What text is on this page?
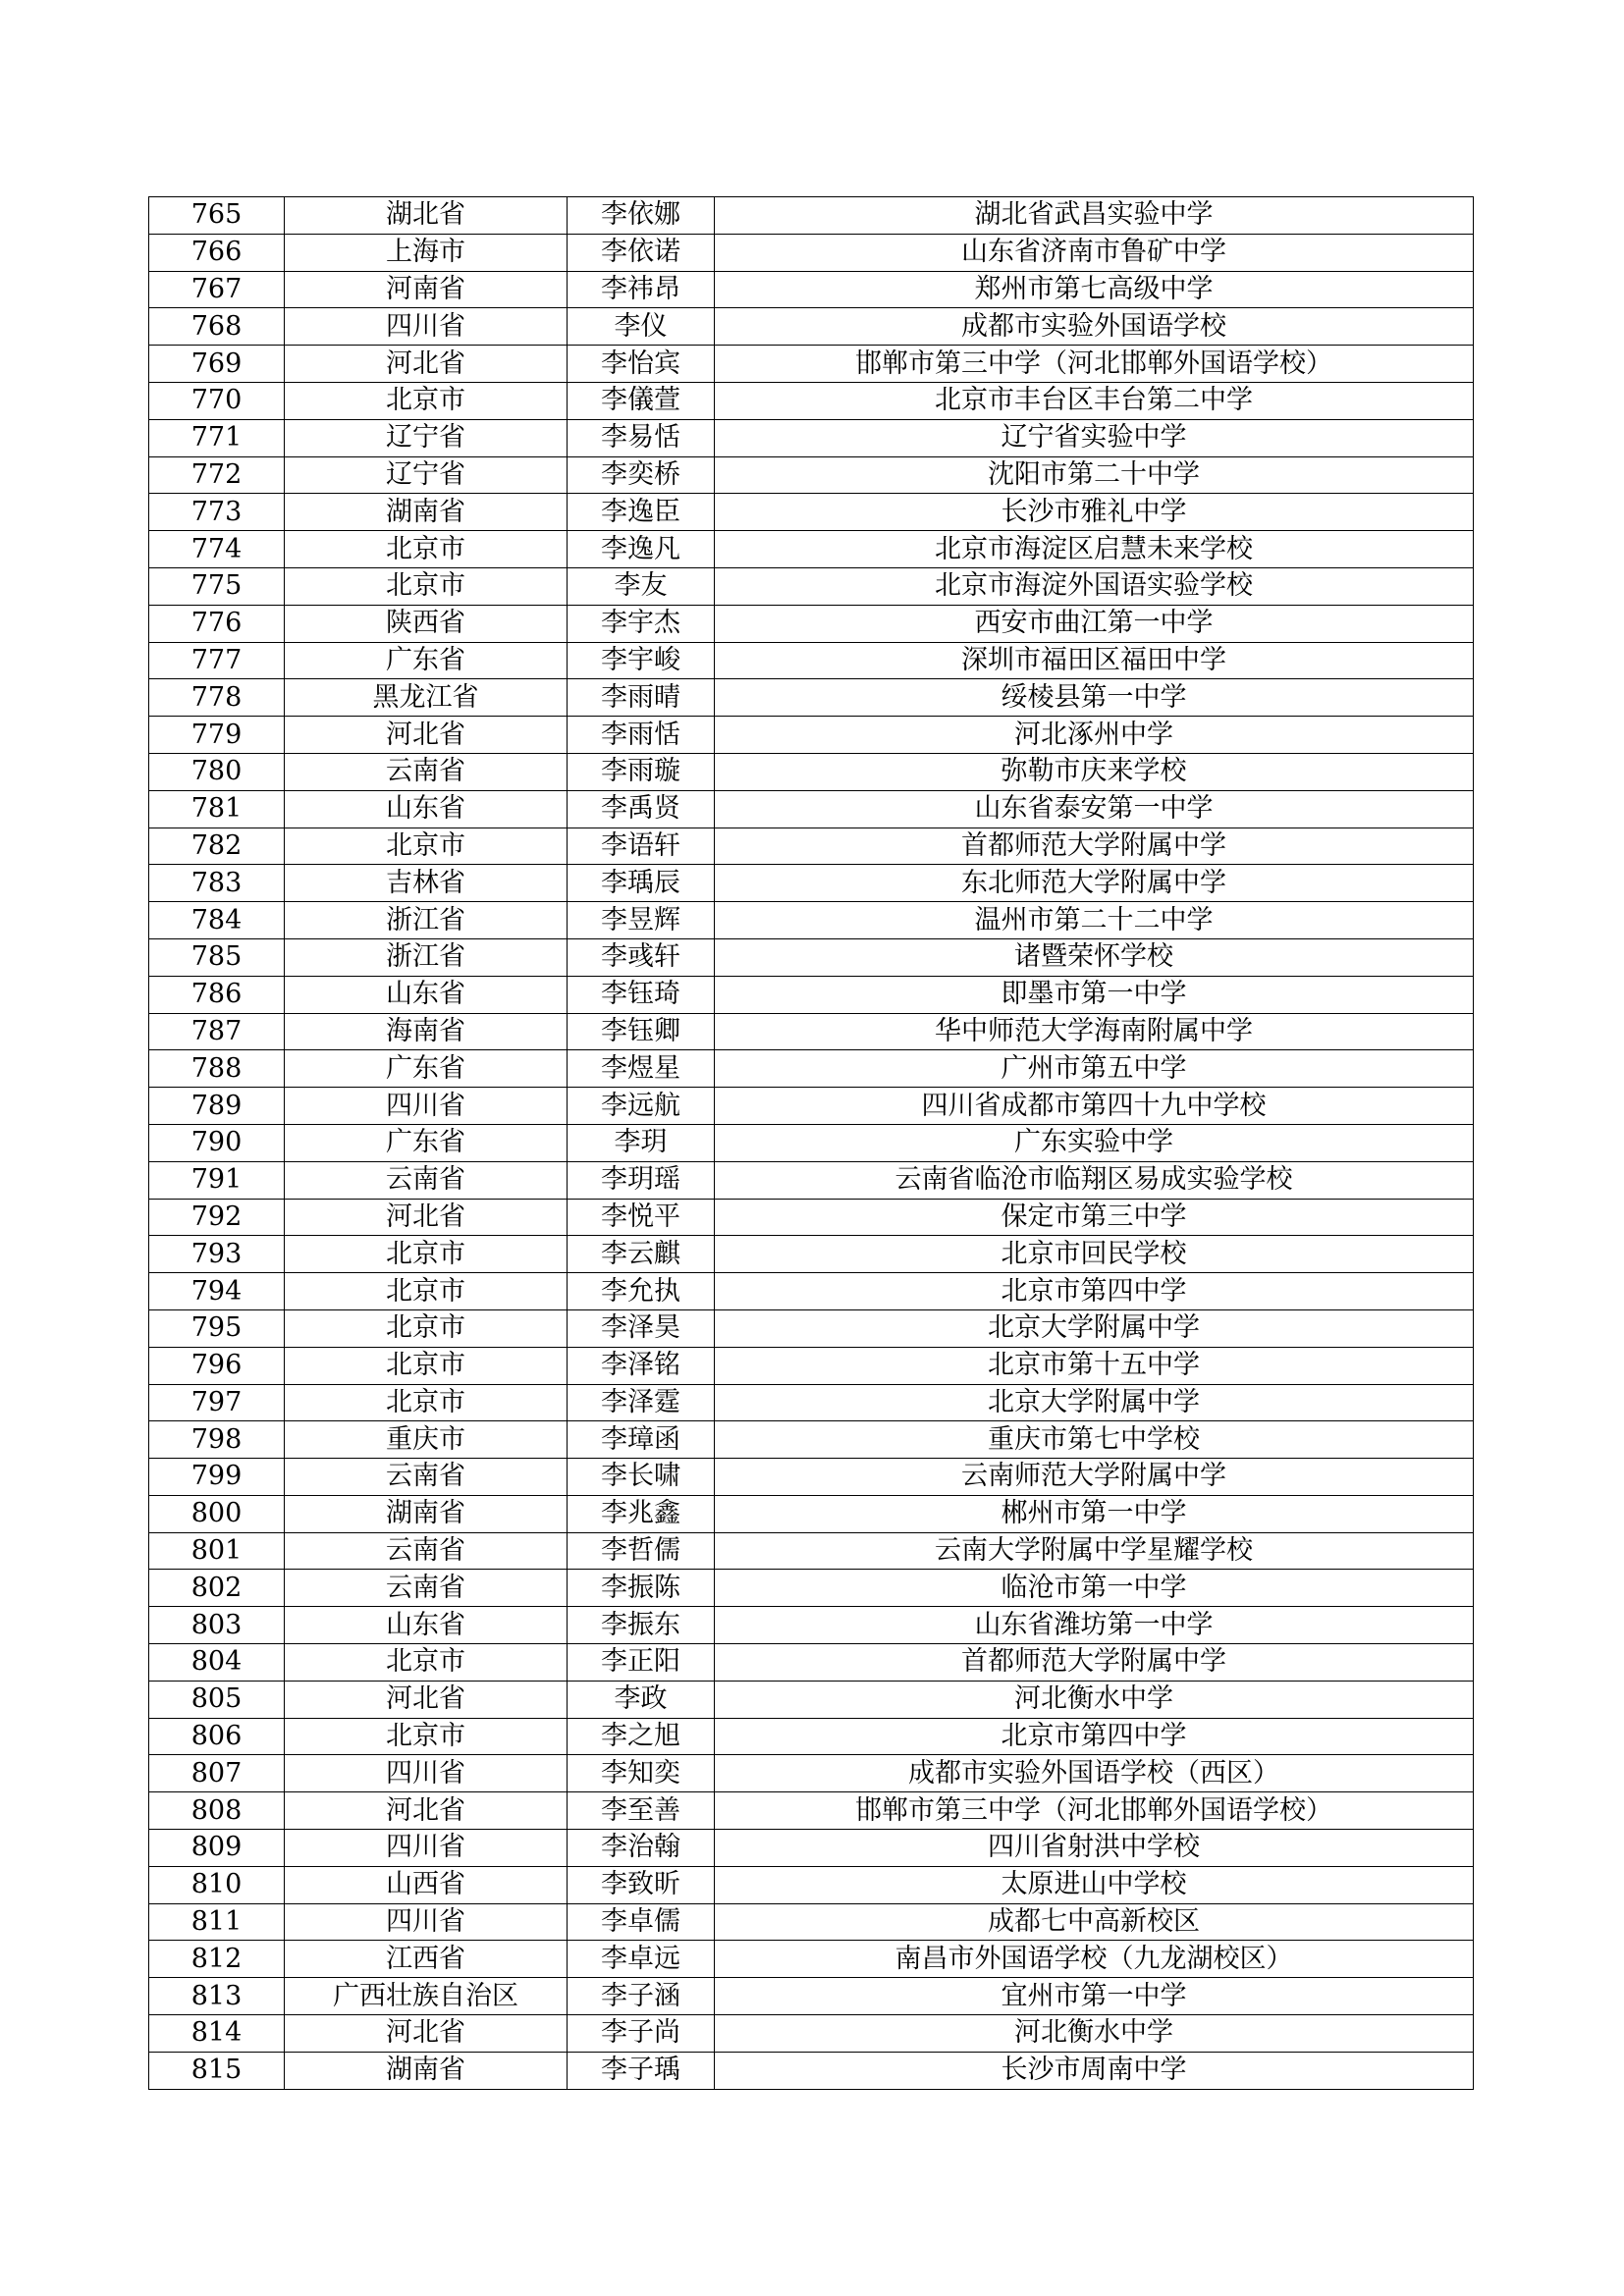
765	湖北省	李依娜	湖北省武昌实验中学
766	上海市	李依诺	山东省济南市鲁矿中学
767	河南省	李祎昂	郑州市第七高级中学
768	四川省	李仪	成都市实验外国语学校
769	河北省	李怡宾	邯郸市第三中学（河北邯郸外国语学校）
770	北京市	李儀萱	北京市丰台区丰台第二中学
771	辽宁省	李易恬	辽宁省实验中学
772	辽宁省	李奕桥	沈阳市第二十中学
773	湖南省	李逸臣	长沙市雅礼中学
774	北京市	李逸凡	北京市海淀区启慧未来学校
775	北京市	李友	北京市海淀外国语实验学校
776	陕西省	李宇杰	西安市曲江第一中学
777	广东省	李宇峻	深圳市福田区福田中学
778	黑龙江省	李雨晴	绥棱县第一中学
779	河北省	李雨恬	河北涿州中学
780	云南省	李雨璇	弥勒市庆来学校
781	山东省	李禹贤	山东省泰安第一中学
782	北京市	李语轩	首都师范大学附属中学
783	吉林省	李瑀辰	东北师范大学附属中学
784	浙江省	李昱辉	温州市第二十二中学
785	浙江省	李彧轩	诸暨荣怀学校
786	山东省	李钰琦	即墨市第一中学
787	海南省	李钰卿	华中师范大学海南附属中学
788	广东省	李煜星	广州市第五中学
789	四川省	李远航	四川省成都市第四十九中学校
790	广东省	李玥	广东实验中学
791	云南省	李玥瑶	云南省临沧市临翔区易成实验学校
792	河北省	李悦平	保定市第三中学
793	北京市	李云麒	北京市回民学校
794	北京市	李允执	北京市第四中学
795	北京市	李泽昊	北京大学附属中学
796	北京市	李泽铭	北京市第十五中学
797	北京市	李泽霆	北京大学附属中学
798	重庆市	李璋函	重庆市第七中学校
799	云南省	李长啸	云南师范大学附属中学
800	湖南省	李兆鑫	郴州市第一中学
801	云南省	李哲儒	云南大学附属中学星耀学校
802	云南省	李振陈	临沧市第一中学
803	山东省	李振东	山东省潍坊第一中学
804	北京市	李正阳	首都师范大学附属中学
805	河北省	李政	河北衡水中学
806	北京市	李之旭	北京市第四中学
807	四川省	李知奕	成都市实验外国语学校（西区）
808	河北省	李至善	邯郸市第三中学（河北邯郸外国语学校）
809	四川省	李治翰	四川省射洪中学校
810	山西省	李致昕	太原进山中学校
811	四川省	李卓儒	成都七中高新校区
812	江西省	李卓远	南昌市外国语学校（九龙湖校区）
813	广西壮族自治区	李子涵	宜州市第一中学
814	河北省	李子尚	河北衡水中学
815	湖南省	李子瑀	长沙市周南中学
